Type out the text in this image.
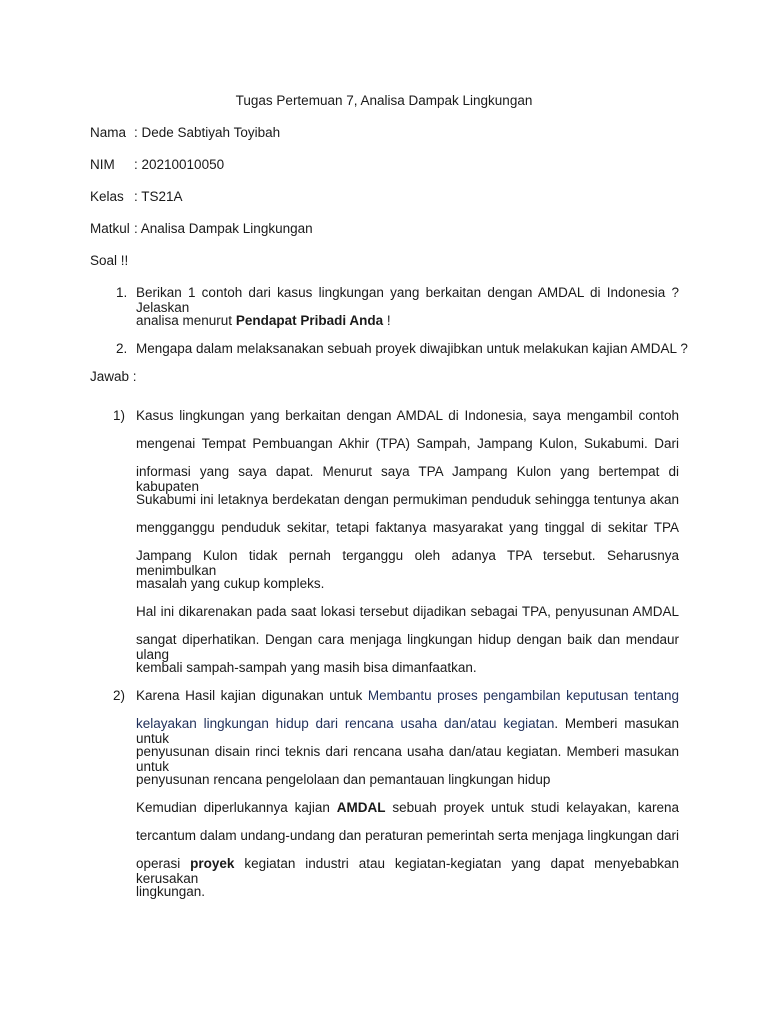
Tugas Pertemuan 7, Analisa Dampak Lingkungan
Nama : Dede Sabtiyah Toyibah
NIM : 20210010050
Kelas : TS21A
Matkul : Analisa Dampak Lingkungan
Soal !!
1. Berikan 1 contoh dari kasus lingkungan yang berkaitan dengan AMDAL di Indonesia ? Jelaskan
analisa menurut Pendapat Pribadi Anda !
2. Mengapa dalam melaksanakan sebuah proyek diwajibkan untuk melakukan kajian AMDAL ?
Jawab :
1) Kasus lingkungan yang berkaitan dengan AMDAL di Indonesia, saya mengambil contoh
mengenai Tempat Pembuangan Akhir (TPA) Sampah, Jampang Kulon, Sukabumi. Dari
informasi yang saya dapat. Menurut saya TPA Jampang Kulon yang bertempat di kabupaten
Sukabumi ini letaknya berdekatan dengan permukiman penduduk sehingga tentunya akan
mengganggu penduduk sekitar, tetapi faktanya masyarakat yang tinggal di sekitar TPA
Jampang Kulon tidak pernah terganggu oleh adanya TPA tersebut. Seharusnya menimbulkan
masalah yang cukup kompleks.
Hal ini dikarenakan pada saat lokasi tersebut dijadikan sebagai TPA, penyusunan AMDAL
sangat diperhatikan. Dengan cara menjaga lingkungan hidup dengan baik dan mendaur ulang
kembali sampah-sampah yang masih bisa dimanfaatkan.
2) Karena Hasil kajian digunakan untuk Membantu proses pengambilan keputusan tentang
kelayakan lingkungan hidup dari rencana usaha dan/atau kegiatan. Memberi masukan untuk
penyusunan disain rinci teknis dari rencana usaha dan/atau kegiatan. Memberi masukan untuk
penyusunan rencana pengelolaan dan pemantauan lingkungan hidup
Kemudian diperlukannya kajian AMDAL sebuah proyek untuk studi kelayakan, karena
tercantum dalam undang-undang dan peraturan pemerintah serta menjaga lingkungan dari
operasi proyek kegiatan industri atau kegiatan-kegiatan yang dapat menyebabkan kerusakan
lingkungan.
